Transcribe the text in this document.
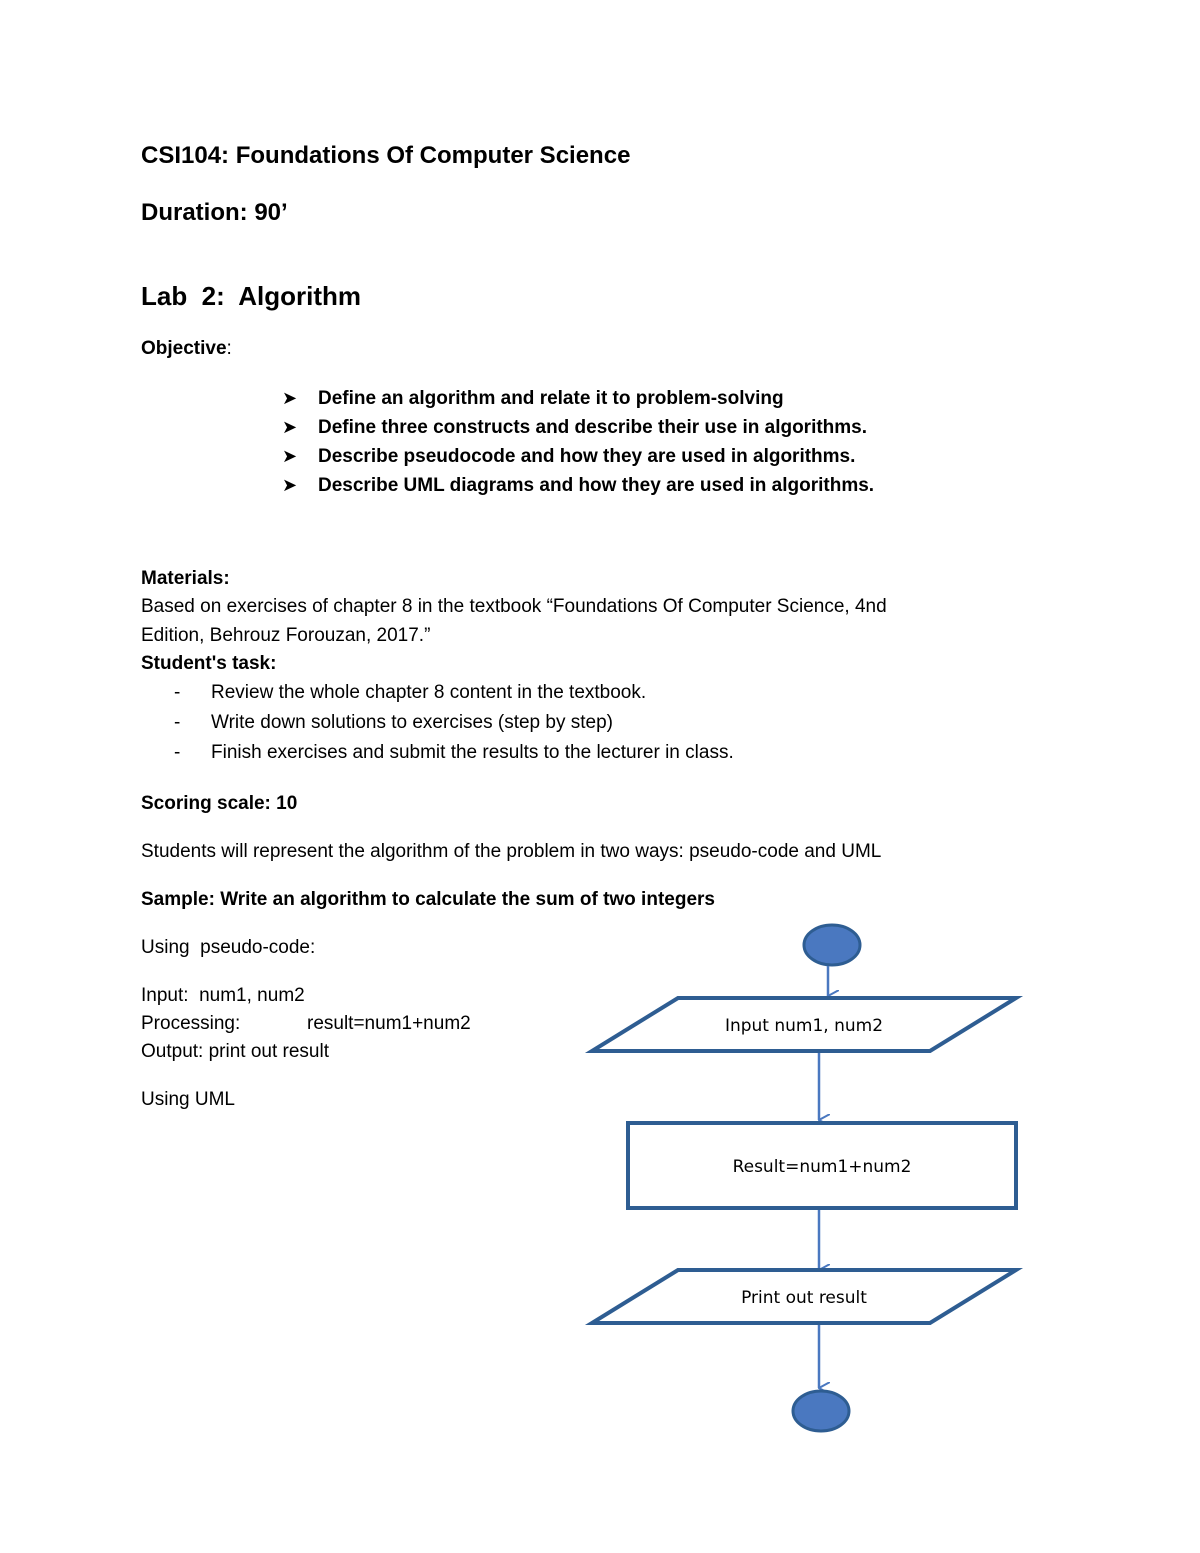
CSI104: Foundations Of Computer Science
Duration: 90’
Lab  2:  Algorithm
Objective:
➤	Define an algorithm and relate it to problem-solving
➤	Define three constructs and describe their use in algorithms.
➤	Describe pseudocode and how they are used in algorithms.
➤	Describe UML diagrams and how they are used in algorithms.
Materials:
Based on exercises of chapter 8 in the textbook “Foundations Of Computer Science, 4nd
Edition, Behrouz Forouzan, 2017.”
Student's task:
-	Review the whole chapter 8 content in the textbook.
-	Write down solutions to exercises (step by step)
-	Finish exercises and submit the results to the lecturer in class.
Scoring scale: 10
Students will represent the algorithm of the problem in two ways: pseudo-code and UML
Sample: Write an algorithm to calculate the sum of two integers
Using  pseudo-code:
Input:  num1, num2
Processing:	result=num1+num2
Output: print out result
Using UML
Input num1, num2
Result=num1+num2
Print out result
